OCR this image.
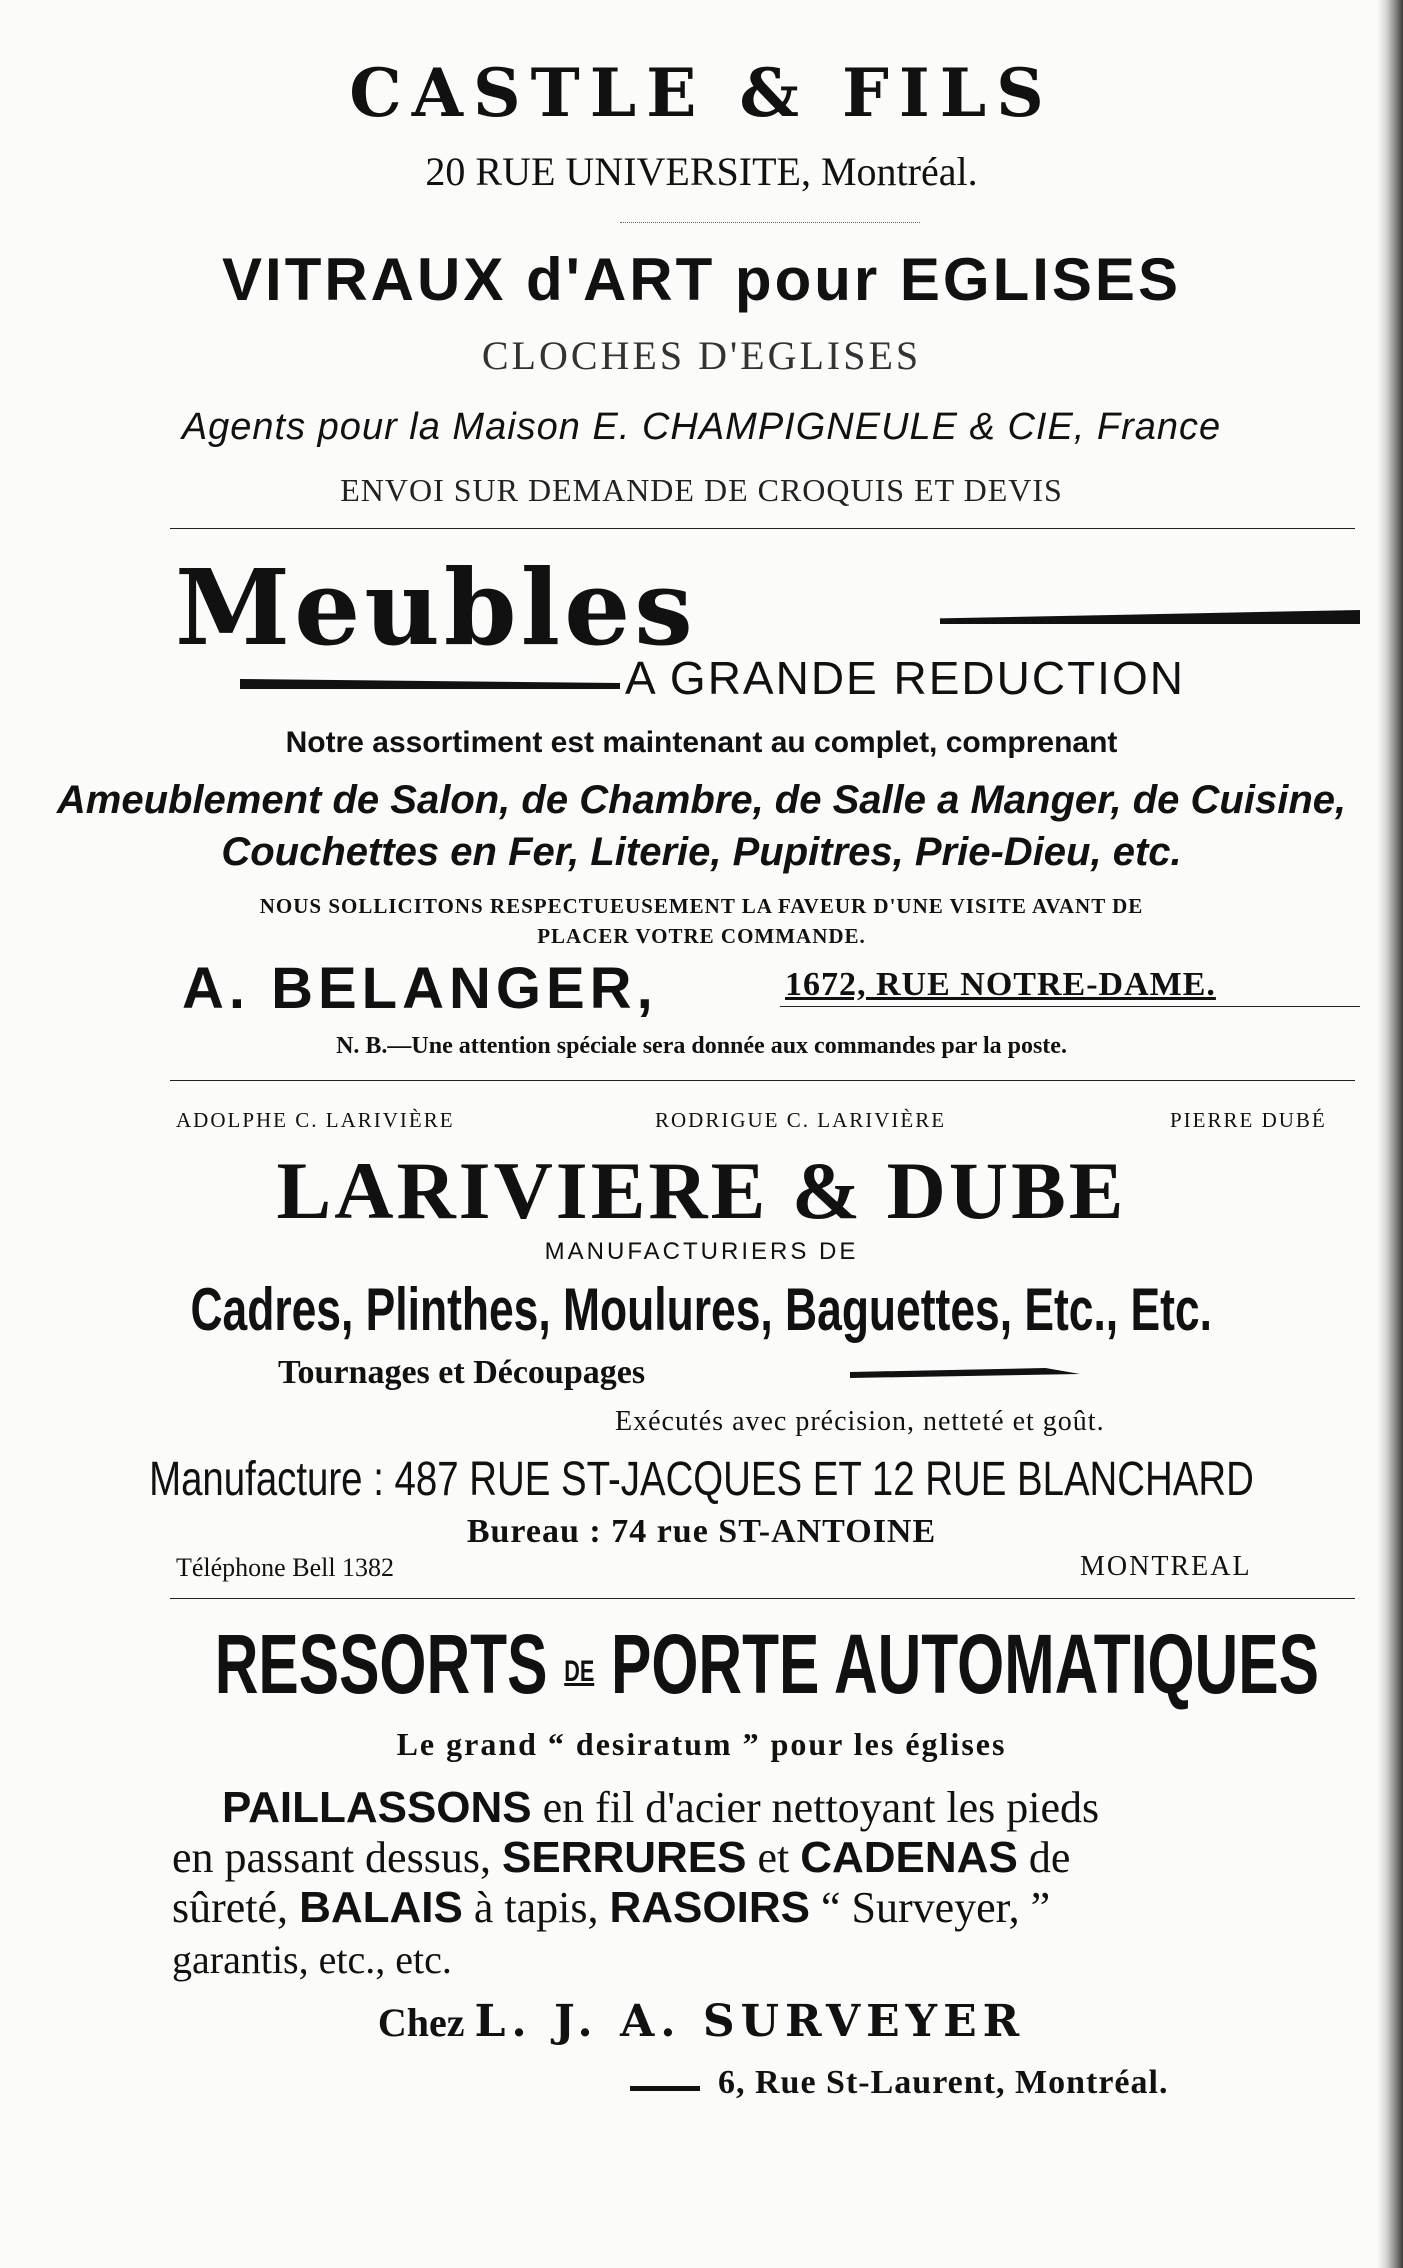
CASTLE & FILS
20 RUE UNIVERSITE, Montréal.
VITRAUX d'ART pour EGLISES
CLOCHES D'EGLISES
Agents pour la Maison E. CHAMPIGNEULE & CIE, France
ENVOI SUR DEMANDE DE CROQUIS ET DEVIS
Meubles
A GRANDE REDUCTION
Notre assortiment est maintenant au complet, comprenant
Ameublement de Salon, de Chambre, de Salle a Manger, de Cuisine,
Couchettes en Fer, Literie, Pupitres, Prie-Dieu, etc.
NOUS SOLLICITONS RESPECTUEUSEMENT LA FAVEUR D'UNE VISITE AVANT DE
PLACER VOTRE COMMANDE.
A. BELANGER,	1672, RUE NOTRE-DAME.
N. B.—Une attention spéciale sera donnée aux commandes par la poste.
ADOLPHE C. LARIVIÈRE	RODRIGUE C. LARIVIÈRE	PIERRE DUBÉ
LARIVIERE & DUBE
MANUFACTURIERS DE
Cadres, Plinthes, Moulures, Baguettes, Etc., Etc.
Tournages et Découpages
Exécutés avec précision, netteté et goût.
Manufacture : 487 RUE ST-JACQUES ET 12 RUE BLANCHARD
Bureau : 74 rue ST-ANTOINE
Téléphone Bell 1382	MONTREAL
RESSORTS DE PORTE AUTOMATIQUES
Le grand “ desiratum ” pour les églises
PAILLASSONS en fil d'acier nettoyant les pieds
en passant dessus, SERRURES et CADENAS de
sûreté, BALAIS à tapis, RASOIRS “ Surveyer, ”
garantis, etc., etc.
Chez L. J. A. SURVEYER
6, Rue St-Laurent, Montréal.
